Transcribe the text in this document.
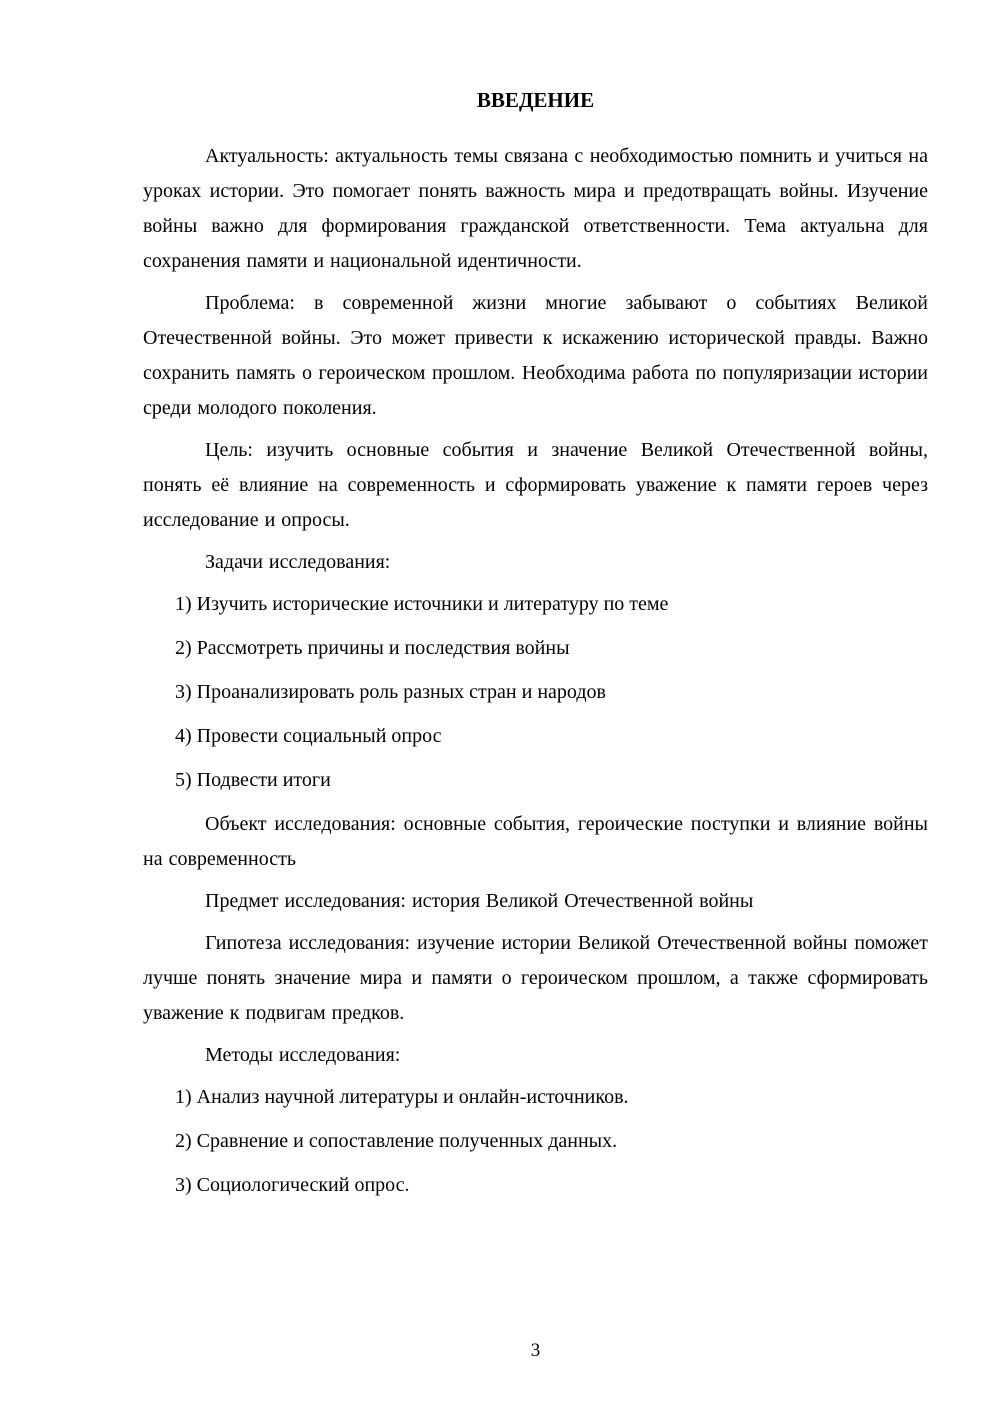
ВВЕДЕНИЕ

Актуальность: актуальность темы связана с необходимостью помнить и учиться на уроках истории. Это помогает понять важность мира и предотвращать войны. Изучение войны важно для формирования гражданской ответственности. Тема актуальна для сохранения памяти и национальной идентичности.

Проблема: в современной жизни многие забывают о событиях Великой Отечественной войны. Это может привести к искажению исторической правды. Важно сохранить память о героическом прошлом. Необходима работа по популяризации истории среди молодого поколения.

Цель: изучить основные события и значение Великой Отечественной войны, понять её влияние на современность и сформировать уважение к памяти героев через исследование и опросы.

Задачи исследования:

1) Изучить исторические источники и литературу по теме

2) Рассмотреть причины и последствия войны

3) Проанализировать роль разных стран и народов

4) Провести социальный опрос

5) Подвести итоги

Объект исследования: основные события, героические поступки и влияние войны на современность

Предмет исследования: история Великой Отечественной войны

Гипотеза исследования: изучение истории Великой Отечественной войны поможет лучше понять значение мира и памяти о героическом прошлом, а также сформировать уважение к подвигам предков.

Методы исследования:

1) Анализ научной литературы и онлайн-источников.

2) Сравнение и сопоставление полученных данных.

3) Социологический опрос.

3
